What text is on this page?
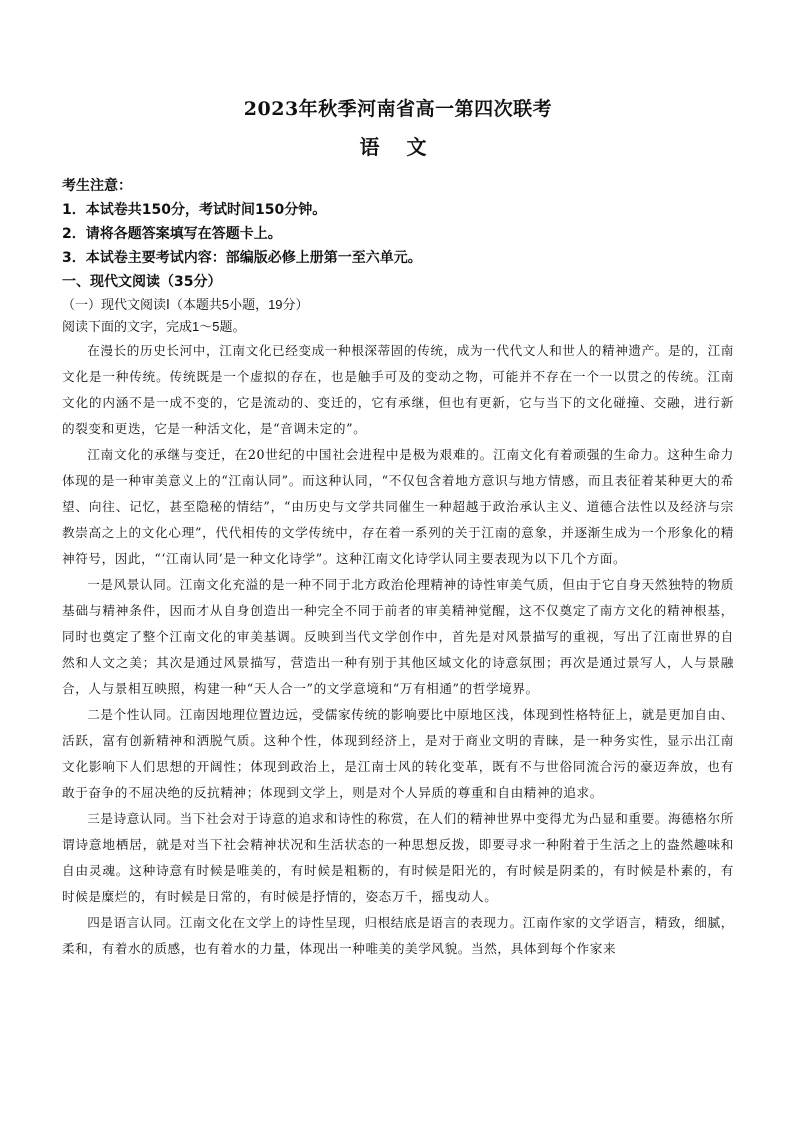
2023年秋季河南省高一第四次联考
语 文

考生注意：

1．本试卷共150分，考试时间150分钟。

2．请将各题答案填写在答题卡上。

3．本试卷主要考试内容：部编版必修上册第一至六单元。

一、现代文阅读（35分）

（一）现代文阅读Ⅰ（本题共5小题，19分）

阅读下面的文字，完成1～5题。

在漫长的历史长河中，江南文化已经变成一种根深蒂固的传统，成为一代代文人和世人的精神遗产。是的，江南文化是一种传统。传统既是一个虚拟的存在，也是触手可及的变动之物，可能并不存在一个一以贯之的传统。江南文化的内涵不是一成不变的，它是流动的、变迁的，它有承继，但也有更新，它与当下的文化碰撞、交融，进行新的裂变和更迭，它是一种活文化，是“音调未定的”。

江南文化的承继与变迁，在20世纪的中国社会进程中是极为艰难的。江南文化有着顽强的生命力。这种生命力体现的是一种审美意义上的“江南认同”。而这种认同，“不仅包含着地方意识与地方情感，而且表征着某种更大的希望、向往、记忆，甚至隐秘的情结”，“由历史与文学共同催生一种超越于政治承认主义、道德合法性以及经济与宗教崇高之上的文化心理”，代代相传的文学传统中，存在着一系列的关于江南的意象，并逐渐生成为一个形象化的精神符号，因此，“‘江南认同’是一种文化诗学”。这种江南文化诗学认同主要表现为以下几个方面。

一是风景认同。江南文化充溢的是一种不同于北方政治伦理精神的诗性审美气质，但由于它自身天然独特的物质基础与精神条件，因而才从自身创造出一种完全不同于前者的审美精神觉醒，这不仅奠定了南方文化的精神根基，同时也奠定了整个江南文化的审美基调。反映到当代文学创作中，首先是对风景描写的重视，写出了江南世界的自然和人文之美；其次是通过风景描写，营造出一种有别于其他区域文化的诗意氛围；再次是通过景写人，人与景融合，人与景相互映照，构建一种“天人合一”的文学意境和“万有相通”的哲学境界。

二是个性认同。江南因地理位置边远，受儒家传统的影响要比中原地区浅，体现到性格特征上，就是更加自由、活跃，富有创新精神和洒脱气质。这种个性，体现到经济上，是对于商业文明的青睐，是一种务实性，显示出江南文化影响下人们思想的开阔性；体现到政治上，是江南士风的转化变革，既有不与世俗同流合污的豪迈奔放，也有敢于奋争的不屈决绝的反抗精神；体现到文学上，则是对个人异质的尊重和自由精神的追求。

三是诗意认同。当下社会对于诗意的追求和诗性的称赏，在人们的精神世界中变得尤为凸显和重要。海德格尔所谓诗意地栖居，就是对当下社会精神状况和生活状态的一种思想反拨，即要寻求一种附着于生活之上的盎然趣味和自由灵魂。这种诗意有时候是唯美的，有时候是粗粝的，有时候是阳光的，有时候是阴柔的，有时候是朴素的，有时候是糜烂的，有时候是日常的，有时候是抒情的，姿态万千，摇曳动人。

四是语言认同。江南文化在文学上的诗性呈现，归根结底是语言的表现力。江南作家的文学语言，精致，细腻，柔和，有着水的质感，也有着水的力量，体现出一种唯美的美学风貌。当然，具体到每个作家来
